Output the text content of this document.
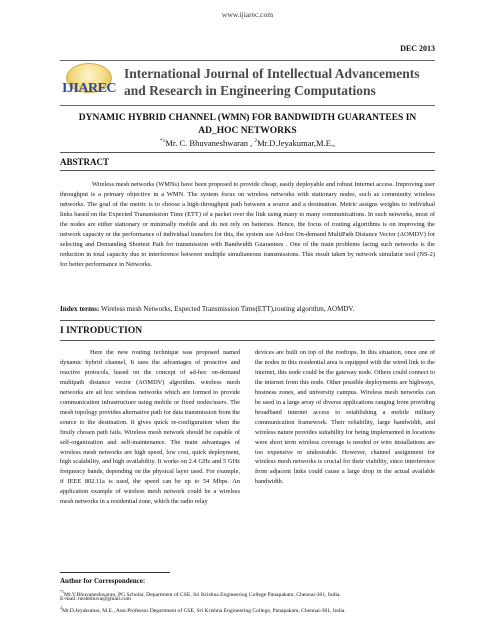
www.ijiarec.com
DEC 2013
IJIAREC
International Journal of Intellectual Advancements
and Research in Engineering Computations
DYNAMIC HYBRID CHANNEL (WMN) FOR BANDWIDTH GUARANTEES IN
AD_HOC NETWORKS
$^{*1}$Mr. C. Bhuvaneshwaran , $^2$Mr.D.Jeyakumar,M.E.,
ABSTRACT

Wireless mesh networks (WMNs) have been proposed to provide cheap, easily deployable and robust Internet access. Improving user throughput is a primary objective in a WMN. The system focus on wireless networks with stationary nodes, such as community wireless networks. The goal of the metric is to choose a high-throughput path between a source and a destination. Metric assigns weights to individual links based on the Expected Transmission Time (ETT) of a packet over the link using many to many communications. In such networks, most of the nodes are either stationary or minimally mobile and do not rely on batteries. Hence, the focus of routing algorithms is on improving the network capacity or the performance of individual transfers for this, the system use Ad-hoc On-demand MultiPath Distance Vector (AOMDV) for selecting and Demanding Shortest Path for transmission with Bandwidth Guarantees . One of the main problems facing such networks is the reduction in total capacity due to interference between multiple simultaneous transmissions. This result taken by network simulator tool (NS-2) for better performance in Networks.

Index terms: Wireless mesh Networks, Expected Transmission Time(ETT),routing algorithm, AOMDV.
I INTRODUCTION

Here the new routing technique was proposed named dynamic hybrid channel, It uses the advantages of proactive and reactive protocols, based on the concept of ad-hoc on-demand multipath distance vector (AOMDV) algorithm. wireless mesh networks are ad hoc wireless networks which are formed to provide communication infrastructure using mobile or fixed nodes/users. The mesh topology provides alternative path for data transmission from the source to the destination. It gives quick re-configuration when the firstly chosen path fails. Wireless mesh network should be capable of self-organization and self-maintenance. The main advantages of wireless mesh networks are high speed, low cost, quick deployment, high scalability, and high availability. It works on 2.4 GHz and 5 GHz frequency bands, depending on the physical layer used. For example, if IEEE 802.11a is used, the speed can be up to 54 Mbps. An application example of wireless mesh network could be a wireless mesh networks in a residential zone, which the radio relay

devices are built on top of the rooftops. In this situation, once one of the nodes in this residential area is equipped with the wired link to the internet, this node could be the gateway node. Others could connect to the internet from this node. Other possible deployments are highways, business zones, and university campus. Wireless mesh networks can be used in a large array of diverse applications ranging from providing broadband internet access to establishing a mobile military communication framework. Their reliability, large bandwidth, and wireless nature provides suitability for being implemented in locations were short term wireless coverage is needed or wire installations are too expensive or undesirable. However, channel assignment for wireless mesh networks is crucial for their viability, since interference from adjacent links could cause a large drop in the actual available bandwidth.

Author for Correspondence:
$^{*1}$Mr.V.Bhuvaneshwaran, PG Scholar, Department of CSE, Sri Krishna Engineering College Panapakam, Chennai-301, India.
E-mail: neshbhuva@gmail.com
$^2$Mr.D.Jeyakumar, M.E., Asst.Professor Department of CSE, Sri Krishna Engineering College, Panapakam, Chennai-301, India.
